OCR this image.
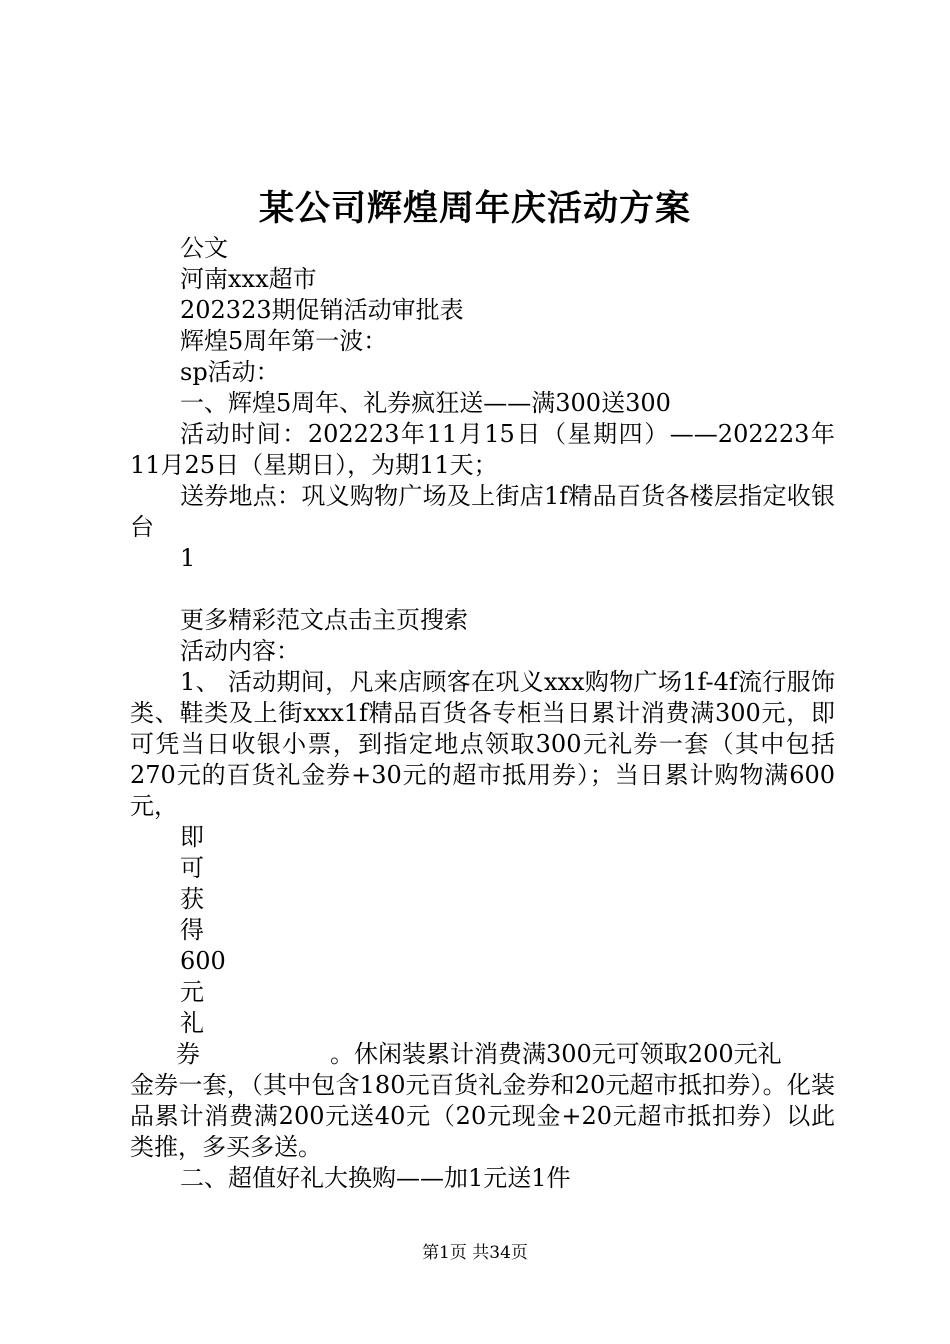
某公司辉煌周年庆活动方案
公文
河南xxx超市
202323期促销活动审批表
辉煌5周年第一波：
sp活动：
一、辉煌5周年、礼券疯狂送——满300送300
活动时间：202223年11月15日（星期四）——202223年11月25日（星期日），为期11天；
送券地点：巩义购物广场及上街店1f精品百货各楼层指定收银台
1
更多精彩范文点击主页搜索
活动内容：
1、 活动期间，凡来店顾客在巩义xxx购物广场1f-4f流行服饰类、鞋类及上街xxx1f精品百货各专柜当日累计消费满300元，即可凭当日收银小票，到指定地点领取300元礼券一套（其中包括270元的百货礼金券+30元的超市抵用券）；当日累计购物满600元，
即
可
获
得
600
元
礼
券	。休闲装累计消费满300元可领取200元礼
金券一套，（其中包含180元百货礼金券和20元超市抵扣券）。化装品累计消费满200元送40元（20元现金+20元超市抵扣券）以此类推，多买多送。
二、超值好礼大换购——加1元送1件
第1页 共34页
